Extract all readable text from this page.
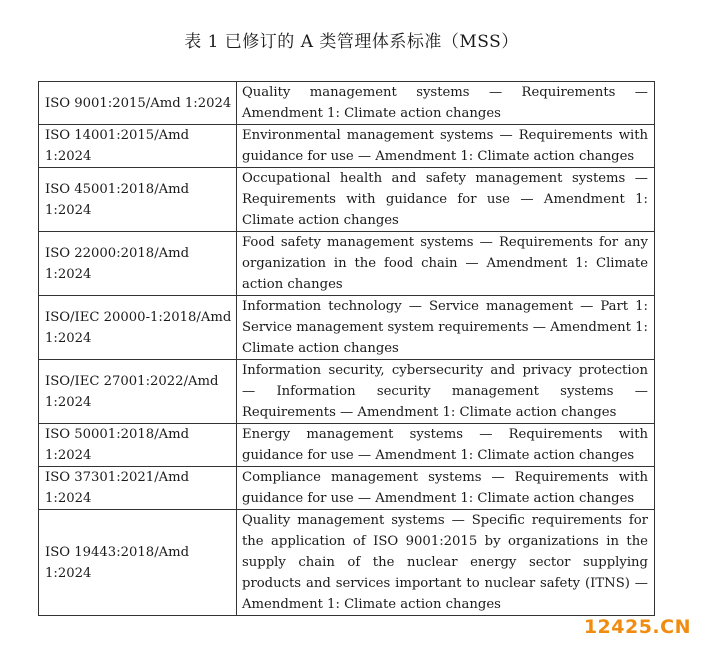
表 1 已修订的 A 类管理体系标准（MSS）
ISO 9001:2015/Amd 1:2024	Quality management systems — Requirements — Amendment 1: Climate action changes
ISO 14001:2015/Amd 1:2024	Environmental management systems — Requirements with guidance for use — Amendment 1: Climate action changes
ISO 45001:2018/Amd 1:2024	Occupational health and safety management systems — Requirements with guidance for use — Amendment 1: Climate action changes
ISO 22000:2018/Amd 1:2024	Food safety management systems — Requirements for any organization in the food chain — Amendment 1: Climate action changes
ISO/IEC 20000-1:2018/Amd 1:2024	Information technology — Service management — Part 1: Service management system requirements — Amendment 1: Climate action changes
ISO/IEC 27001:2022/Amd 1:2024	Information security, cybersecurity and privacy protection — Information security management systems — Requirements — Amendment 1: Climate action changes
ISO 50001:2018/Amd 1:2024	Energy management systems — Requirements with guidance for use — Amendment 1: Climate action changes
ISO 37301:2021/Amd 1:2024	Compliance management systems — Requirements with guidance for use — Amendment 1: Climate action changes
ISO 19443:2018/Amd 1:2024	Quality management systems — Specific requirements for the application of ISO 9001:2015 by organizations in the supply chain of the nuclear energy sector supplying products and services important to nuclear safety (ITNS) — Amendment 1: Climate action changes
12425.CN
